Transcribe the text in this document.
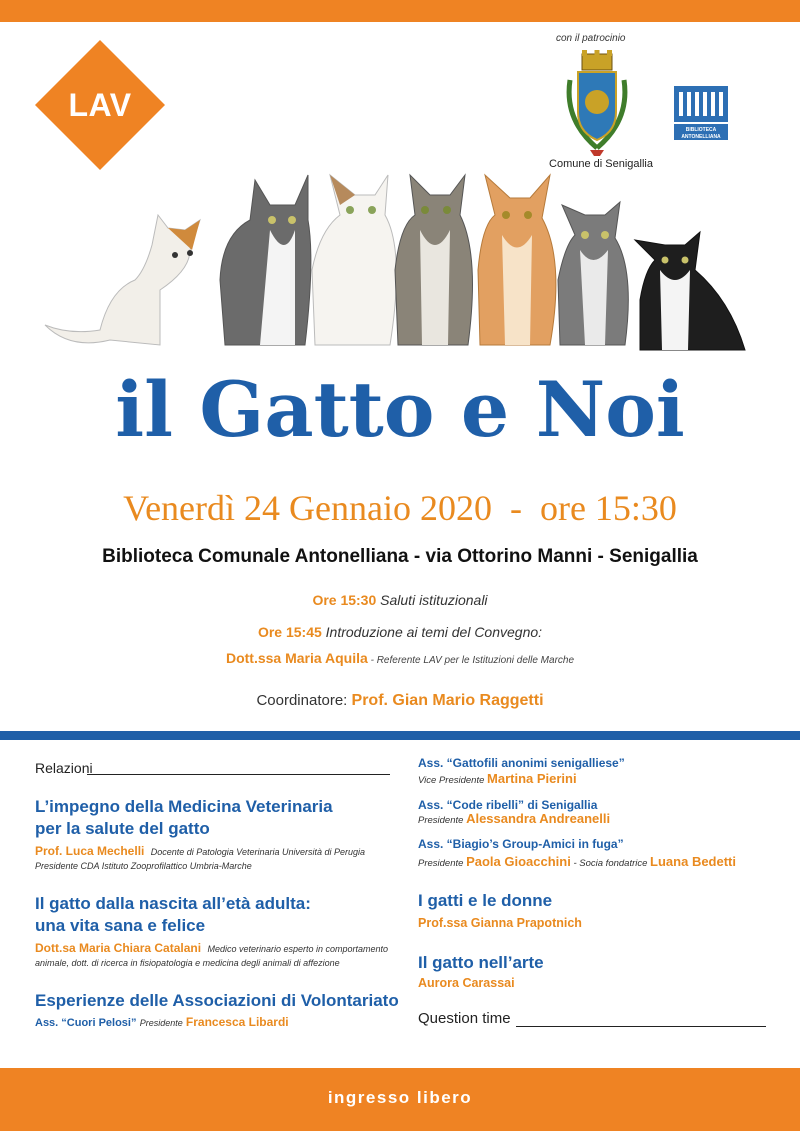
LAV
con il patrocinio
Comune di Senigallia
BIBLIOTECA
ANTONELLIANA
il Gatto e Noi
Venerdì 24 Gennaio 2020  -  ore 15:30
Biblioteca Comunale Antonelliana - via Ottorino Manni - Senigallia
Ore 15:30 Saluti istituzionali
Ore 15:45 Introduzione ai temi del Convegno:
Dott.ssa Maria Aquila - Referente LAV per le Istituzioni delle Marche
Coordinatore: Prof. Gian Mario Raggetti
Relazioni
L’impegno della Medicina Veterinaria
per la salute del gatto
Prof. Luca Mechelli Docente di Patologia Veterinaria Università di Perugia
Presidente CDA Istituto Zooprofilattico Umbria-Marche
Il gatto dalla nascita all’età adulta:
una vita sana e felice
Dott.sa Maria Chiara Catalani Medico veterinario esperto in comportamento
animale, dott. di ricerca in fisiopatologia e medicina degli animali di affezione
Esperienze delle Associazioni di Volontariato
Ass. “Cuori Pelosi” Presidente Francesca Libardi
Ass. “Gattofili anonimi senigalliese”
Vice Presidente Martina Pierini
Ass. “Code ribelli” di Senigallia
Presidente Alessandra Andreanelli
Ass. “Biagio’s Group-Amici in fuga”
Presidente Paola Gioacchini - Socia fondatrice Luana Bedetti
I gatti e le donne
Prof.ssa Gianna Prapotnich
Il gatto nell’arte
Aurora Carassai
Question time
ingresso libero
